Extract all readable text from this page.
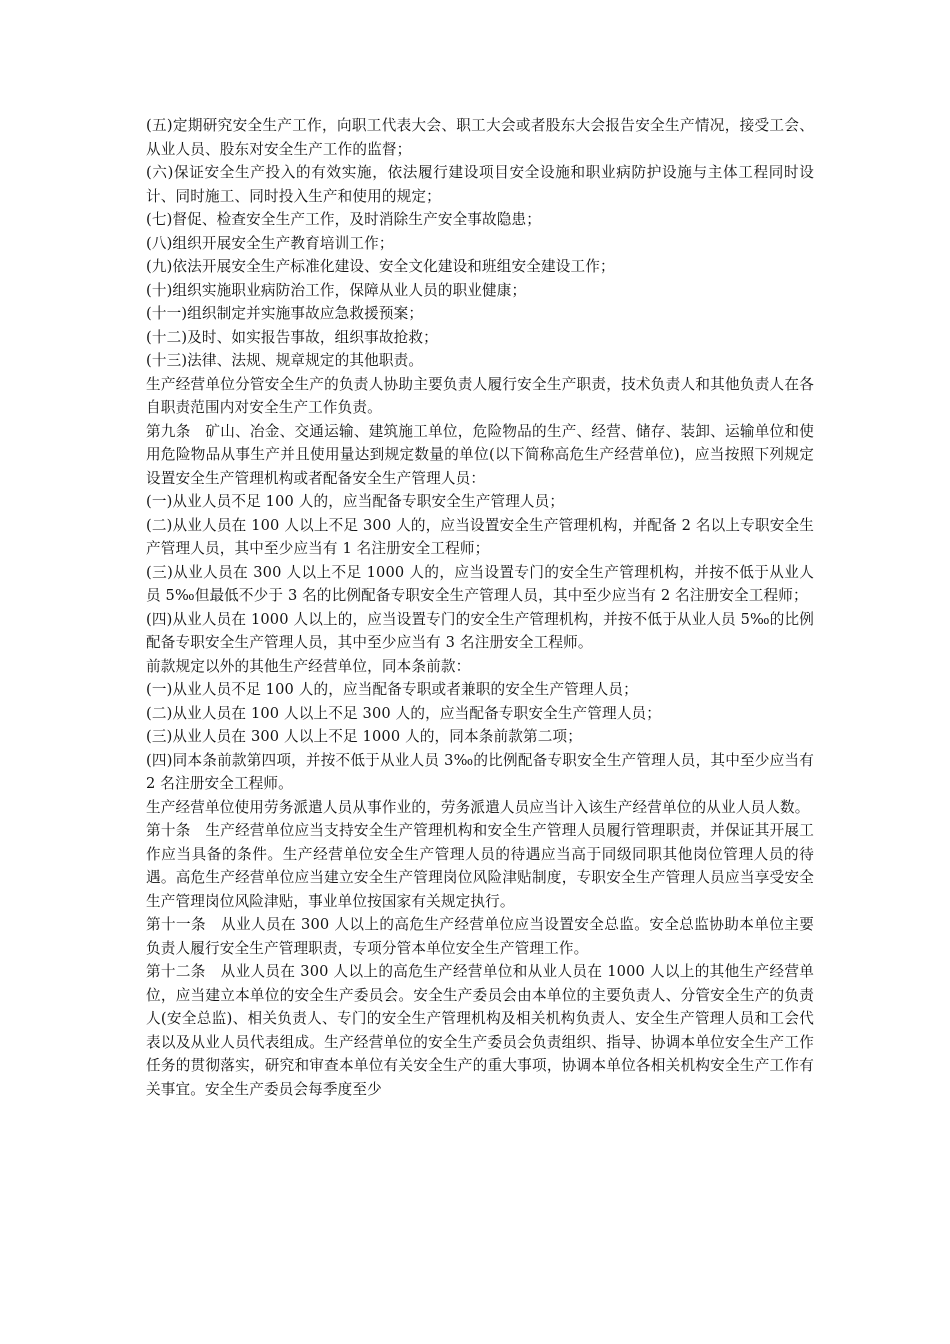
(五)定期研究安全生产工作，向职工代表大会、职工大会或者股东大会报告安全生产情况，接受工会、从业人员、股东对安全生产工作的监督；

(六)保证安全生产投入的有效实施，依法履行建设项目安全设施和职业病防护设施与主体工程同时设计、同时施工、同时投入生产和使用的规定；

(七)督促、检查安全生产工作，及时消除生产安全事故隐患；

(八)组织开展安全生产教育培训工作；

(九)依法开展安全生产标准化建设、安全文化建设和班组安全建设工作；

(十)组织实施职业病防治工作，保障从业人员的职业健康；

(十一)组织制定并实施事故应急救援预案；

(十二)及时、如实报告事故，组织事故抢救；

(十三)法律、法规、规章规定的其他职责。

生产经营单位分管安全生产的负责人协助主要负责人履行安全生产职责，技术负责人和其他负责人在各自职责范围内对安全生产工作负责。

第九条　矿山、冶金、交通运输、建筑施工单位，危险物品的生产、经营、储存、装卸、运输单位和使用危险物品从事生产并且使用量达到规定数量的单位(以下简称高危生产经营单位)，应当按照下列规定设置安全生产管理机构或者配备安全生产管理人员：

(一)从业人员不足 100 人的，应当配备专职安全生产管理人员；

(二)从业人员在 100 人以上不足 300 人的，应当设置安全生产管理机构，并配备 2 名以上专职安全生产管理人员，其中至少应当有 1 名注册安全工程师；

(三)从业人员在 300 人以上不足 1000 人的，应当设置专门的安全生产管理机构，并按不低于从业人员 5‰但最低不少于 3 名的比例配备专职安全生产管理人员，其中至少应当有 2 名注册安全工程师；

(四)从业人员在 1000 人以上的，应当设置专门的安全生产管理机构，并按不低于从业人员 5‰的比例配备专职安全生产管理人员，其中至少应当有 3 名注册安全工程师。

前款规定以外的其他生产经营单位，同本条前款：

(一)从业人员不足 100 人的，应当配备专职或者兼职的安全生产管理人员；

(二)从业人员在 100 人以上不足 300 人的，应当配备专职安全生产管理人员；

(三)从业人员在 300 人以上不足 1000 人的，同本条前款第二项；

(四)同本条前款第四项，并按不低于从业人员 3‰的比例配备专职安全生产管理人员，其中至少应当有 2 名注册安全工程师。

生产经营单位使用劳务派遣人员从事作业的，劳务派遣人员应当计入该生产经营单位的从业人员人数。

第十条　生产经营单位应当支持安全生产管理机构和安全生产管理人员履行管理职责，并保证其开展工作应当具备的条件。生产经营单位安全生产管理人员的待遇应当高于同级同职其他岗位管理人员的待遇。高危生产经营单位应当建立安全生产管理岗位风险津贴制度，专职安全生产管理人员应当享受安全生产管理岗位风险津贴，事业单位按国家有关规定执行。

第十一条　从业人员在 300 人以上的高危生产经营单位应当设置安全总监。安全总监协助本单位主要负责人履行安全生产管理职责，专项分管本单位安全生产管理工作。

第十二条　从业人员在 300 人以上的高危生产经营单位和从业人员在 1000 人以上的其他生产经营单位，应当建立本单位的安全生产委员会。安全生产委员会由本单位的主要负责人、分管安全生产的负责人(安全总监)、相关负责人、专门的安全生产管理机构及相关机构负责人、安全生产管理人员和工会代表以及从业人员代表组成。生产经营单位的安全生产委员会负责组织、指导、协调本单位安全生产工作任务的贯彻落实，研究和审查本单位有关安全生产的重大事项，协调本单位各相关机构安全生产工作有关事宜。安全生产委员会每季度至少
